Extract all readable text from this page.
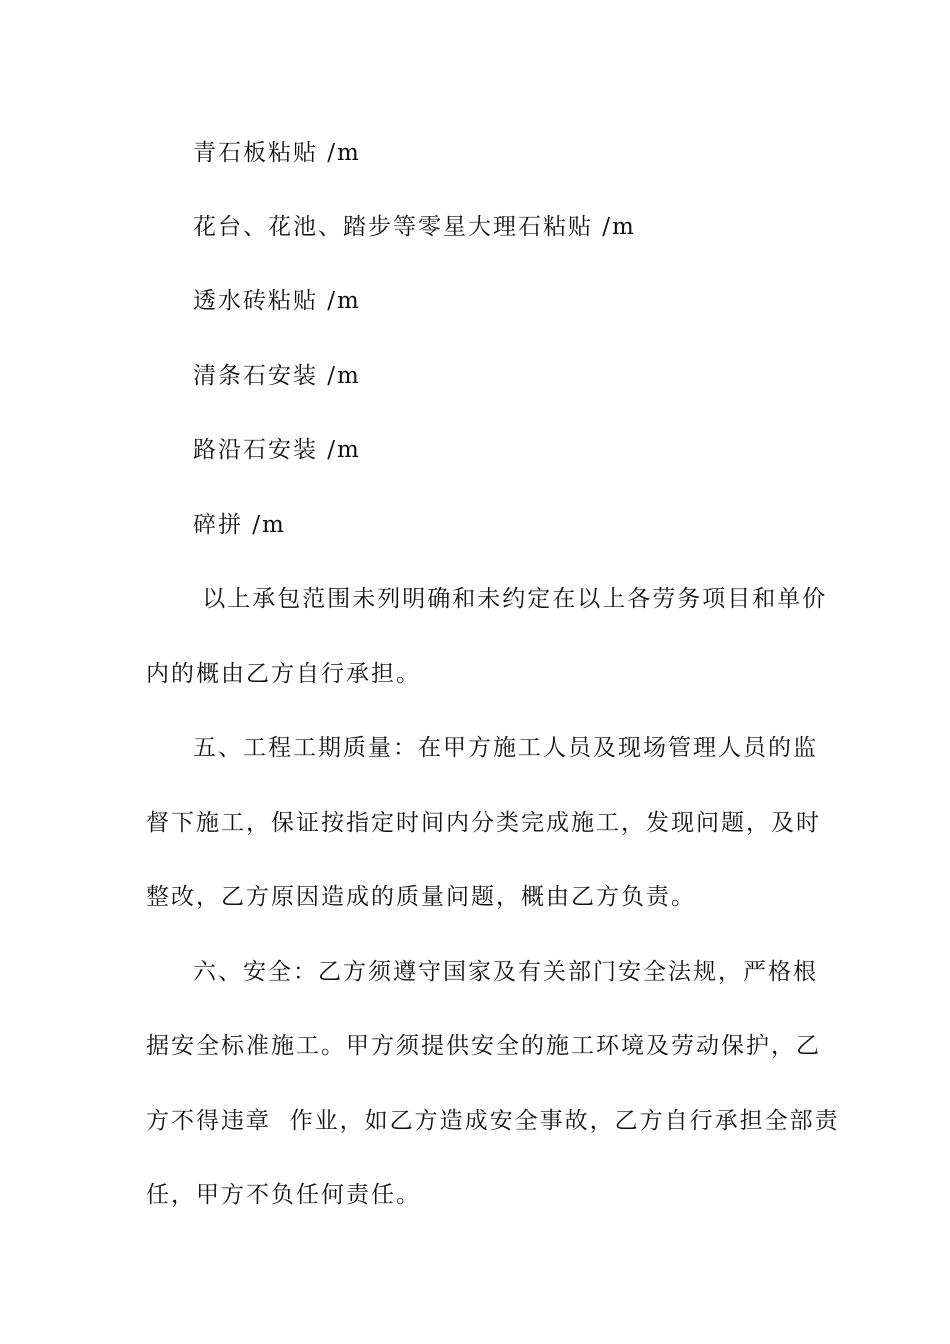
青石板粘贴 /m
花台、花池、踏步等零星大理石粘贴 /m
透水砖粘贴 /m
清条石安装 /m
路沿石安装 /m
碎拼 /m
以上承包范围未列明确和未约定在以上各劳务项目和单价
内的概由乙方自行承担。
五、工程工期质量：在甲方施工人员及现场管理人员的监
督下施工，保证按指定时间内分类完成施工，发现问题，及时
整改，乙方原因造成的质量问题，概由乙方负责。
六、安全：乙方须遵守国家及有关部门安全法规，严格根
据安全标准施工。甲方须提供安全的施工环境及劳动保护，乙
方不得违章  作业，如乙方造成安全事故，乙方自行承担全部责
任，甲方不负任何责任。
